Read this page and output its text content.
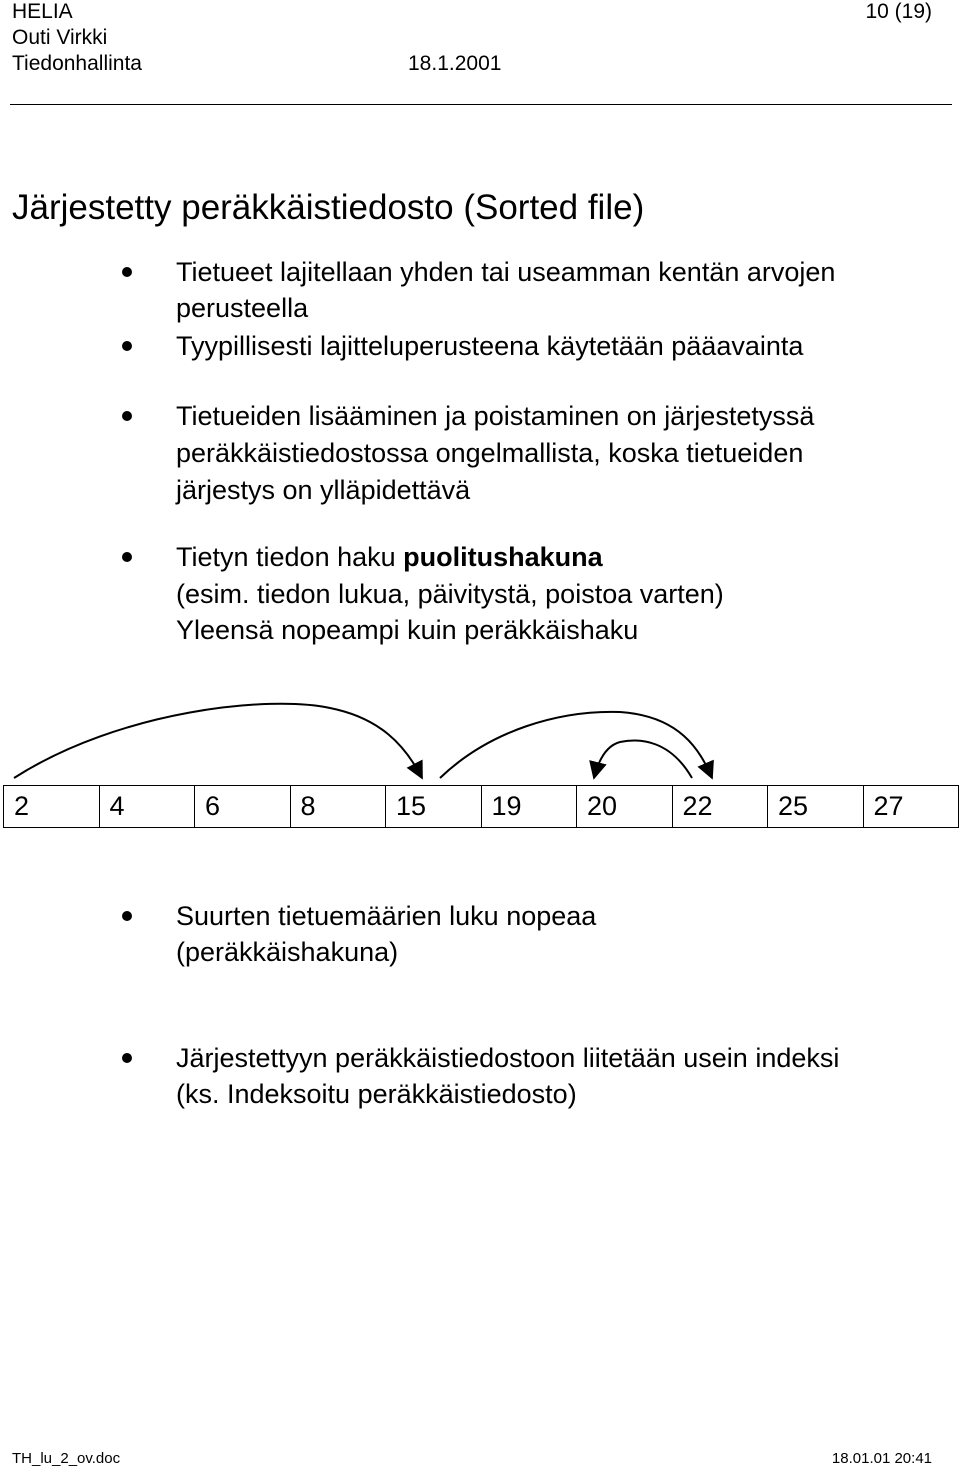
HELIA	10 (19)
Outi Virkki
Tiedonhallinta	18.1.2001
Järjestetty peräkkäistiedosto (Sorted file)
Tietueet lajitellaan yhden tai useamman kentän arvojen
perusteella
Tyypillisesti lajitteluperusteena käytetään pääavainta
Tietueiden lisääminen ja poistaminen on järjestetyssä
peräkkäistiedostossa ongelmallista, koska tietueiden
järjestys on ylläpidettävä
Tietyn tiedon haku puolitushakuna
(esim. tiedon lukua, päivitystä, poistoa varten)
Yleensä nopeampi kuin peräkkäishaku
2	4	6	8	15	19	20	22	25	27
Suurten tietuemäärien luku nopeaa
(peräkkäishakuna)
Järjestettyyn peräkkäistiedostoon liitetään usein indeksi
(ks. Indeksoitu peräkkäistiedosto)
TH_lu_2_ov.doc	18.01.01 20:41
